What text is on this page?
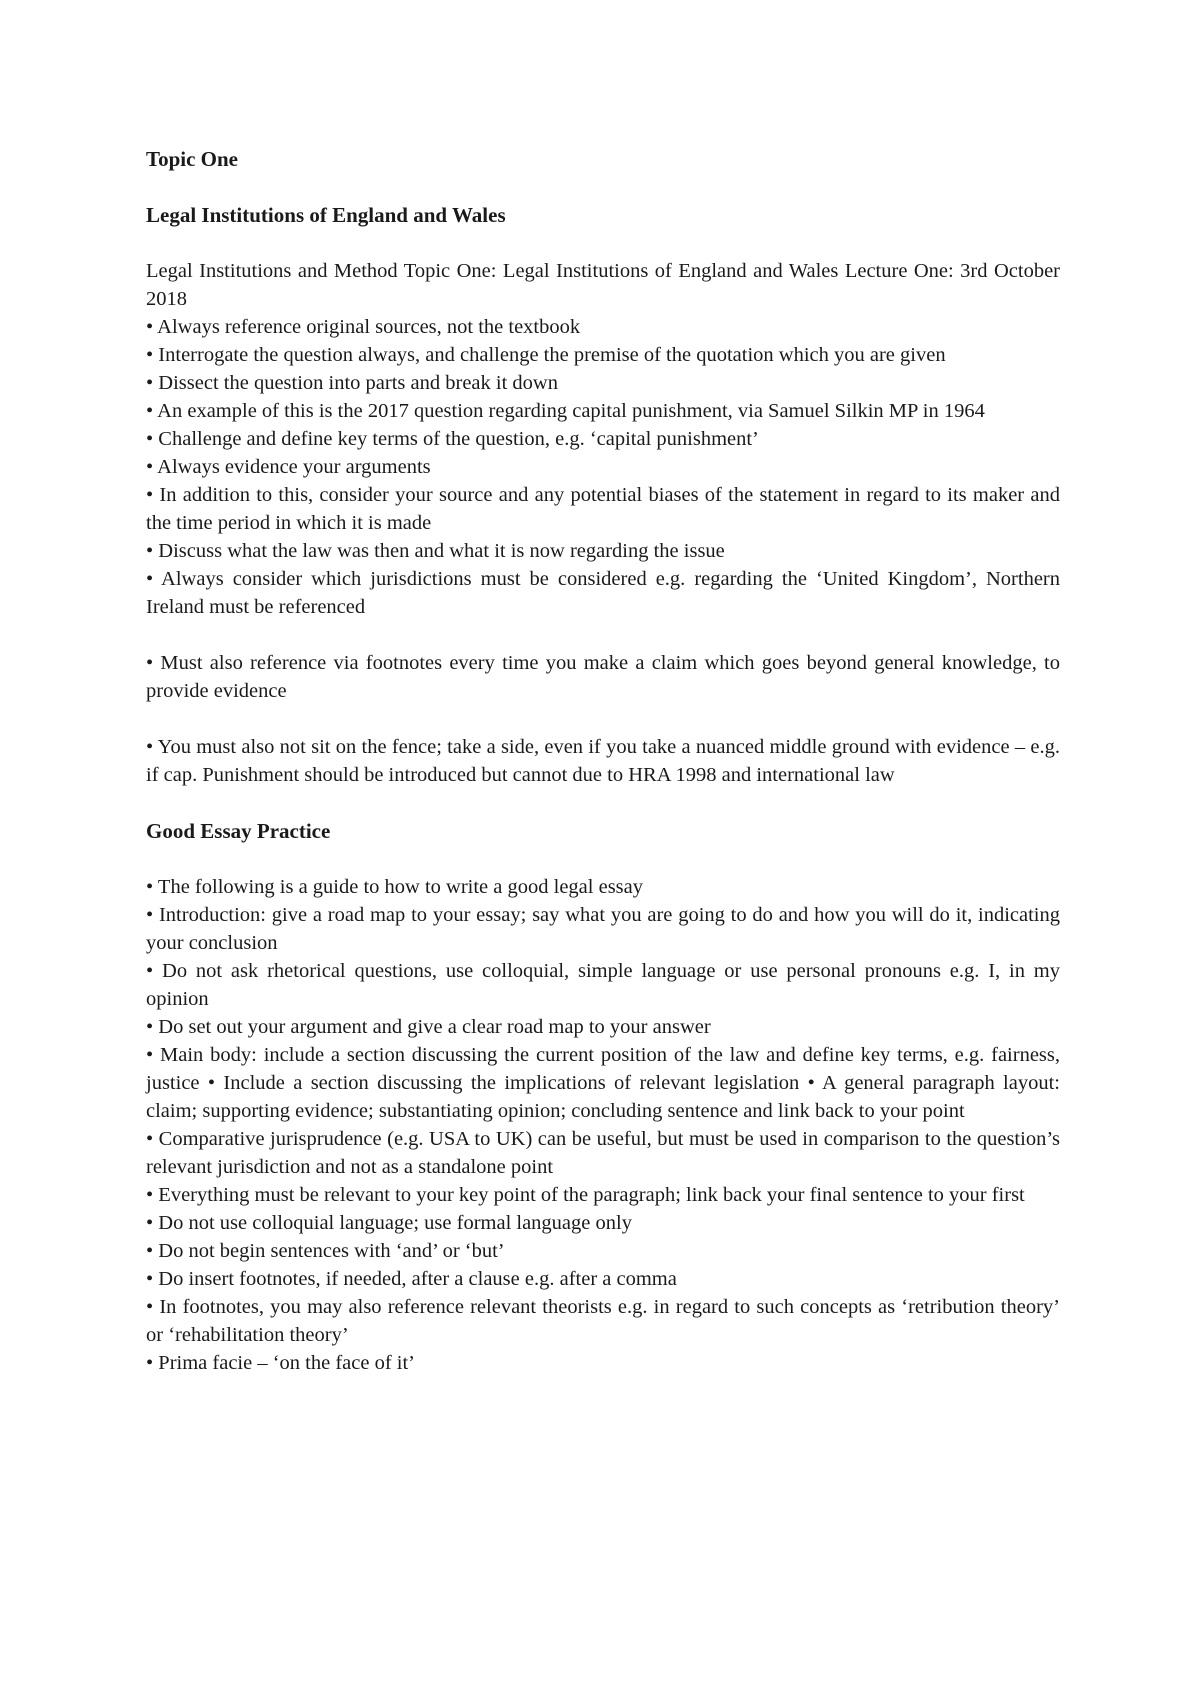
Topic One

Legal Institutions of England and Wales

Legal Institutions and Method Topic One: Legal Institutions of England and Wales Lecture One: 3rd October 2018

• Always reference original sources, not the textbook

• Interrogate the question always, and challenge the premise of the quotation which you are given

• Dissect the question into parts and break it down

• An example of this is the 2017 question regarding capital punishment, via Samuel Silkin MP in 1964

• Challenge and define key terms of the question, e.g. ‘capital punishment’

• Always evidence your arguments

• In addition to this, consider your source and any potential biases of the statement in regard to its maker and the time period in which it is made

• Discuss what the law was then and what it is now regarding the issue

• Always consider which jurisdictions must be considered e.g. regarding the ‘United Kingdom’, Northern Ireland must be referenced

• Must also reference via footnotes every time you make a claim which goes beyond general knowledge, to provide evidence

• You must also not sit on the fence; take a side, even if you take a nuanced middle ground with evidence – e.g. if cap. Punishment should be introduced but cannot due to HRA 1998 and international law

Good Essay Practice

• The following is a guide to how to write a good legal essay

• Introduction: give a road map to your essay; say what you are going to do and how you will do it, indicating your conclusion

• Do not ask rhetorical questions, use colloquial, simple language or use personal pronouns e.g. I, in my opinion

• Do set out your argument and give a clear road map to your answer

• Main body: include a section discussing the current position of the law and define key terms, e.g. fairness, justice • Include a section discussing the implications of relevant legislation • A general paragraph layout: claim; supporting evidence; substantiating opinion; concluding sentence and link back to your point

• Comparative jurisprudence (e.g. USA to UK) can be useful, but must be used in comparison to the question’s relevant jurisdiction and not as a standalone point

• Everything must be relevant to your key point of the paragraph; link back your final sentence to your first

• Do not use colloquial language; use formal language only

• Do not begin sentences with ‘and’ or ‘but’

• Do insert footnotes, if needed, after a clause e.g. after a comma

• In footnotes, you may also reference relevant theorists e.g. in regard to such concepts as ‘retribution theory’ or ‘rehabilitation theory’

• Prima facie – ‘on the face of it’
